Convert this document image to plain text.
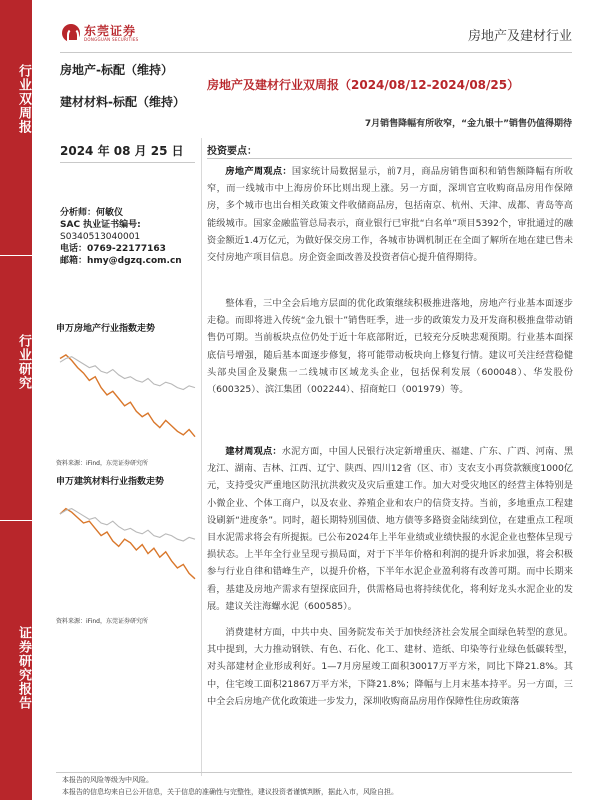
行业双周报
行业研究
证券研究报告
东莞证券
DONGGUAN SECURITIES	房地产及建材行业
房地产-标配（维持）
建材材料-标配（维持）
房地产及建材行业双周报（2024/08/12-2024/08/25）
7月销售降幅有所收窄，“金九银十”销售仍值得期待
2024 年 08 月 25 日
分析师：何敏仪
SAC 执业证书编号:
S0340513040001
电话：0769-22177163
邮箱：hmy@dgzq.com.cn
申万房地产行业指数走势
资料来源：iFind，东莞证券研究所
申万建筑材料行业指数走势
资料来源：iFind，东莞证券研究所
投资要点：
房地产周观点：国家统计局数据显示，前7月，商品房销售面积和销售额降幅有所收窄，而一线城市中上海房价环比则出现上涨。另一方面，深圳官宣收购商品房用作保障房，多个城市也出台相关政策文件收储商品房，包括南京、杭州、天津、成都、青岛等高能级城市。国家金融监管总局表示，商业银行已审批“白名单”项目5392个，审批通过的融资金额近1.4万亿元，为做好保交房工作，各城市协调机制正在全面了解所在地在建已售未交付房地产项目信息。房企资金面改善及投资者信心提升值得期待。
整体看，三中全会后地方层面的优化政策继续积极推进落地，房地产行业基本面逐步走稳。而即将进入传统“金九银十”销售旺季，进一步的政策发力及开发商积极推盘带动销售仍可期。当前板块点位仍处于近十年底部附近，已较充分反映悲观预期。行业基本面探底信号增强，随后基本面逐步修复，将可能带动板块向上修复行情。建议可关注经营稳健头部央国企及聚焦一二线城市区域龙头企业，包括保利发展（600048）、华发股份（600325）、滨江集团（002244）、招商蛇口（001979）等。
建材周观点：水泥方面，中国人民银行决定新增重庆、福建、广东、广西、河南、黑龙江、湖南、吉林、江西、辽宁、陕西、四川12省（区、市）支农支小再贷款额度1000亿元，支持受灾严重地区防汛抗洪救灾及灾后重建工作。加大对受灾地区的经营主体特别是小微企业、个体工商户，以及农业、养殖企业和农户的信贷支持。当前，多地重点工程建设刷新“进度条”。同时，超长期特别国债、地方债等多路资金陆续到位，在建重点工程项目水泥需求将会有所提振。已公布2024年上半年业绩或业绩快报的水泥企业也整体呈现亏损状态。上半年全行业呈现亏损局面，对于下半年价格和利润的提升诉求加强，将会积极参与行业自律和错峰生产，以提升价格，下半年水泥企业盈利将有改善可期。而中长期来看，基建及房地产需求有望探底回升，供需格局也将持续优化，将利好龙头水泥企业的发展。建议关注海螺水泥（600585）。
消费建材方面，中共中央、国务院发布关于加快经济社会发展全面绿色转型的意见。其中提到，大力推动钢铁、有色、石化、化工、建材、造纸、印染等行业绿色低碳转型，对头部建材企业形成利好。1—7月房屋竣工面积30017万平方米，同比下降21.8%。其中，住宅竣工面积21867万平方米，下降21.8%；降幅与上月末基本持平。另一方面，三中全会后房地产优化政策进一步发力，深圳收购商品房用作保障性住房政策落
本报告的风险等级为中风险。
本报告的信息均来自已公开信息，关于信息的准确性与完整性，建议投资者谨慎判断，据此入市，风险自担。
